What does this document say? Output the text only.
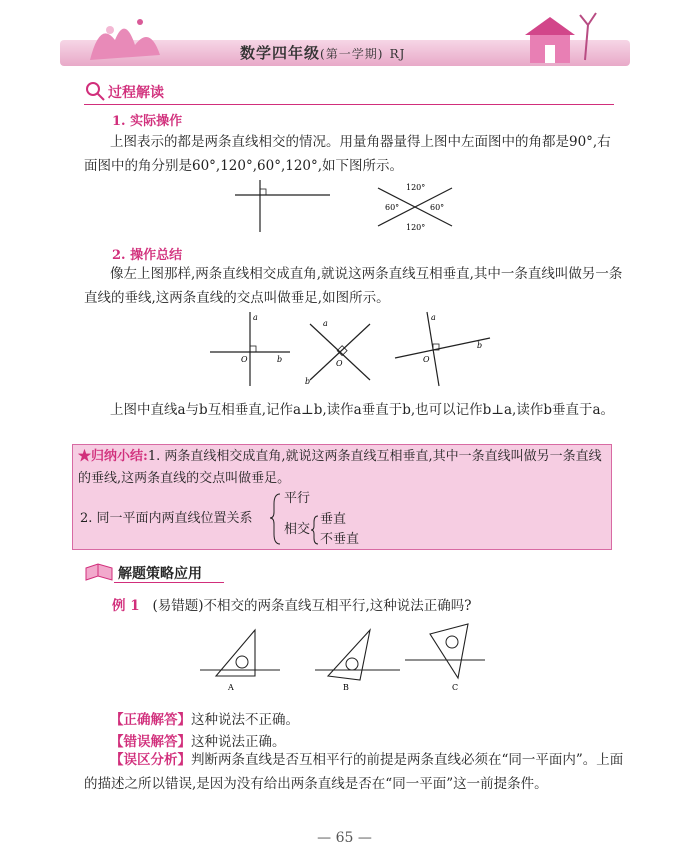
数学四年级(第一学期) RJ
过程解读
1. 实际操作
上图表示的都是两条直线相交的情况。用量角器量得上图中左面图中的角都是90°,右面图中的角分别是60°,120°,60°,120°,如下图所示。
120°
60°	60°
120°
2. 操作总结
像左上图那样,两条直线相交成直角,就说这两条直线互相垂直,其中一条直线叫做另一条直线的垂线,这两条直线的交点叫做垂足,如图所示。
a
O	b
a
O
b
a
O
b
上图中直线a与b互相垂直,记作a⊥b,读作a垂直于b,也可以记作b⊥a,读作b垂直于a。
★归纳小结:1. 两条直线相交成直角,就说这两条直线互相垂直,其中一条直线叫做另一条直线的垂线,这两条直线的交点叫做垂足。
2. 同一平面内两直线位置关系
平行
相交
垂直
不垂直
解题策略应用
例 1 (易错题)不相交的两条直线互相平行,这种说法正确吗?
A	B	C
【正确解答】这种说法不正确。
【错误解答】这种说法正确。
【误区分析】判断两条直线是否互相平行的前提是两条直线必须在“同一平面内”。上面的描述之所以错误,是因为没有给出两条直线是否在“同一平面”这一前提条件。
— 65 —
